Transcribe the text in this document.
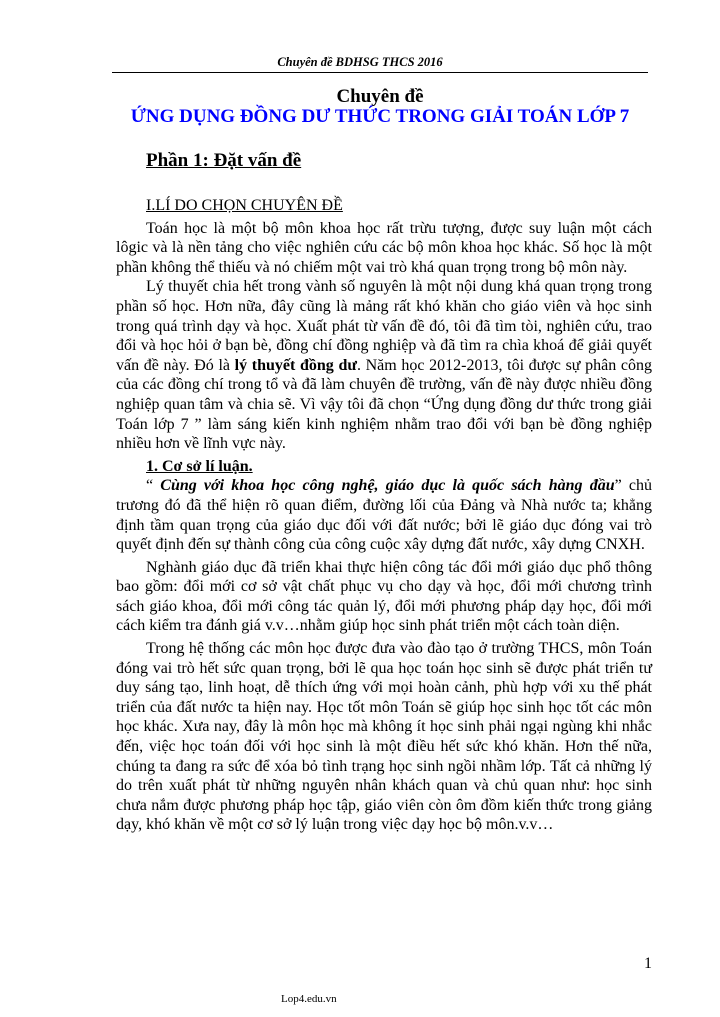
Chuyên đề BDHSG THCS 2016
Chuyên đề
ỨNG DỤNG ĐỒNG DƯ THỨC TRONG GIẢI TOÁN LỚP 7
Phần 1: Đặt vấn đề

I.LÍ DO CHỌN CHUYÊN ĐỀ

Toán học là một bộ môn khoa học rất trừu tượng, được suy luận một cách lôgic và là nền tảng cho việc nghiên cứu các bộ môn khoa học khác. Số học là một phần không thể thiếu và nó chiếm một vai trò khá quan trọng trong bộ môn này.

Lý thuyết chia hết trong vành số nguyên là một nội dung khá quan trọng trong phần số học. Hơn nữa, đây cũng là mảng rất khó khăn cho giáo viên và học sinh trong quá trình dạy và học. Xuất phát từ vấn đề đó, tôi đã tìm tòi, nghiên cứu, trao đổi và học hỏi ở bạn bè, đồng chí đồng nghiệp và đã tìm ra chìa khoá để giải quyết vấn đề này. Đó là lý thuyết đồng dư. Năm học 2012-2013, tôi được sự phân công của các đồng chí trong tổ và đã làm chuyên đề trường, vấn đề này được nhiều đồng nghiệp quan tâm và chia sẽ. Vì vậy tôi đã chọn “Ứng dụng đồng dư thức trong giải Toán lớp 7 ” làm sáng kiến kinh nghiệm nhằm trao đổi với bạn bè đồng nghiệp nhiều hơn về lĩnh vực này.

1. Cơ sở lí luận.

“ Cùng với khoa học công nghệ, giáo dục là quốc sách hàng đầu” chủ trương đó đã thể hiện rõ quan điểm, đường lối của Đảng và Nhà nước ta; khẳng định tầm quan trọng của giáo dục đối với đất nước; bởi lẽ giáo dục đóng vai trò quyết định đến sự thành công của công cuộc xây dựng đất nước, xây dựng CNXH.

Nghành giáo dục đã triển khai thực hiện công tác đổi mới giáo dục phổ thông bao gồm: đổi mới cơ sở vật chất phục vụ cho dạy và học, đổi mới chương trình sách giáo khoa, đổi mới công tác quản lý, đổi mới phương pháp dạy học, đổi mới cách kiểm tra đánh giá v.v…nhằm giúp học sinh phát triển một cách toàn diện.

Trong hệ thống các môn học được đưa vào đào tạo ở trường THCS, môn Toán đóng vai trò hết sức quan trọng, bởi lẽ qua học toán học sinh sẽ được phát triển tư duy sáng tạo, linh hoạt, dễ thích ứng với mọi hoàn cảnh, phù hợp với xu thế phát triển của đất nước ta hiện nay. Học tốt môn Toán sẽ giúp học sinh học tốt các môn học khác. Xưa nay, đây là môn học mà không ít học sinh phải ngại ngùng khi nhắc đến, việc học toán đối với học sinh là một điều hết sức khó khăn. Hơn thế nữa, chúng ta đang ra sức để xóa bỏ tình trạng học sinh ngồi nhầm lớp. Tất cả những lý do trên xuất phát từ những nguyên nhân khách quan và chủ quan như: học sinh chưa nắm được phương pháp học tập, giáo viên còn ôm đồm kiến thức trong giảng dạy, khó khăn về một cơ sở lý luận trong việc dạy học bộ môn.v.v…

1
Lop4.edu.vn
